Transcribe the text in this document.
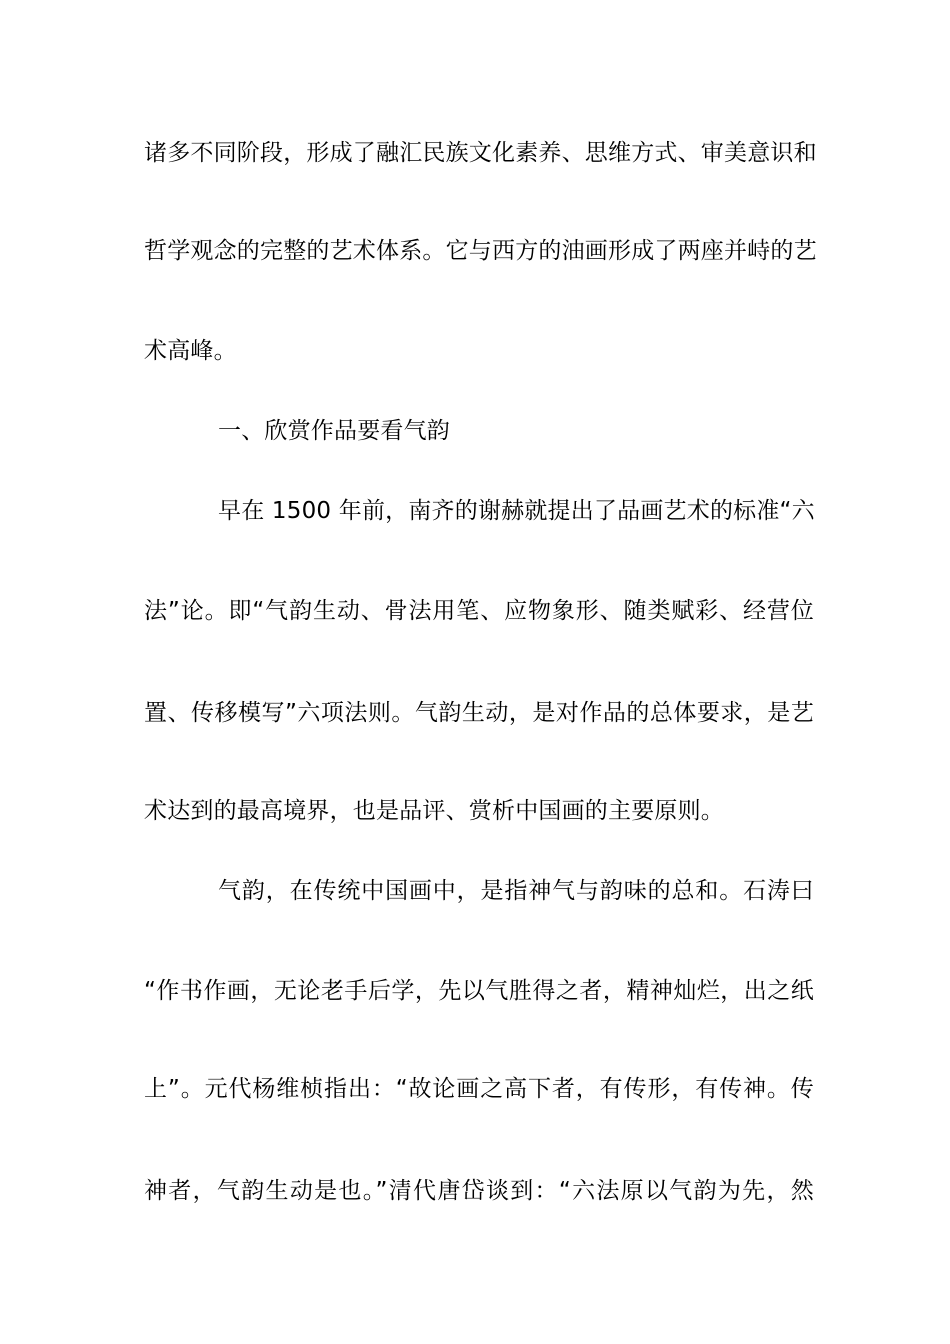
诸多不同阶段，形成了融汇民族文化素养、思维方式、审美意识和
哲学观念的完整的艺术体系。它与西方的油画形成了两座并峙的艺
术高峰。
一、欣赏作品要看气韵
早在 1500 年前，南齐的谢赫就提出了品画艺术的标准“六
法”论。即“气韵生动、骨法用笔、应物象形、随类赋彩、经营位
置、传移模写”六项法则。气韵生动，是对作品的总体要求，是艺
术达到的最高境界，也是品评、赏析中国画的主要原则。
气韵，在传统中国画中，是指神气与韵味的总和。石涛曰
“作书作画，无论老手后学，先以气胜得之者，精神灿烂，出之纸
上”。元代杨维桢指出：“故论画之高下者，有传形，有传神。传
神者，气韵生动是也。”清代唐岱谈到：“六法原以气韵为先，然
